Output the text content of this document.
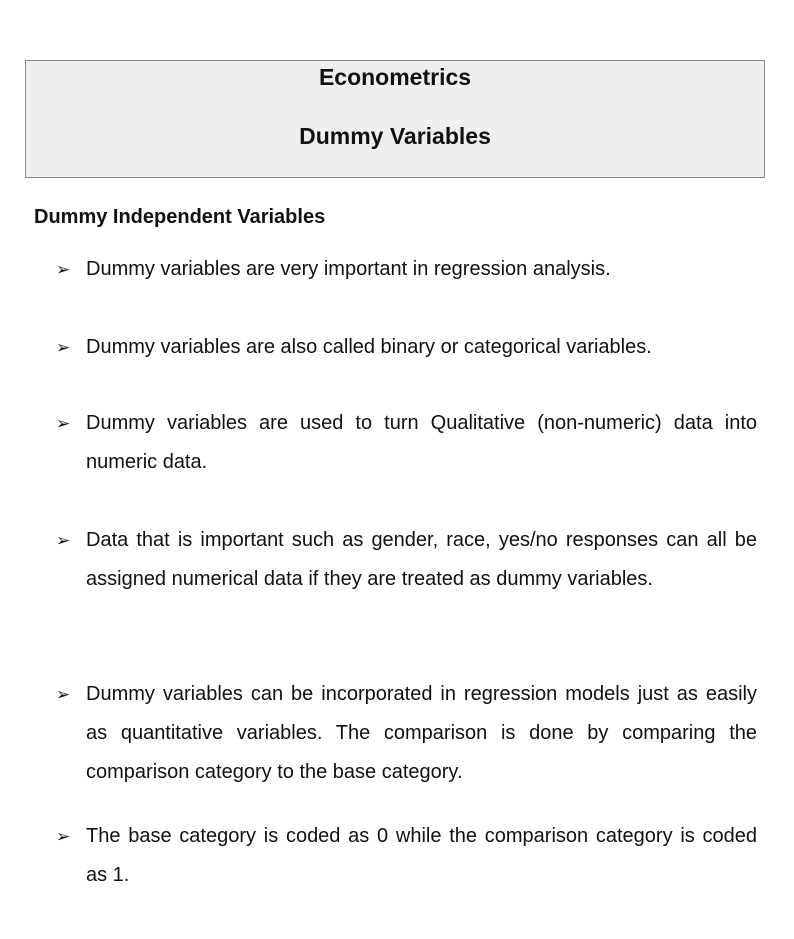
Econometrics
Dummy Variables
Dummy Independent Variables
➢ Dummy variables are very important in regression analysis.
➢ Dummy variables are also called binary or categorical variables.
➢ Dummy variables are used to turn Qualitative (non-numeric) data into numeric data.
➢ Data that is important such as gender, race, yes/no responses can all be assigned numerical data if they are treated as dummy variables.
➢ Dummy variables can be incorporated in regression models just as easily as quantitative variables. The comparison is done by comparing the comparison category to the base category.
➢ The base category is coded as 0 while the comparison category is coded as 1.
